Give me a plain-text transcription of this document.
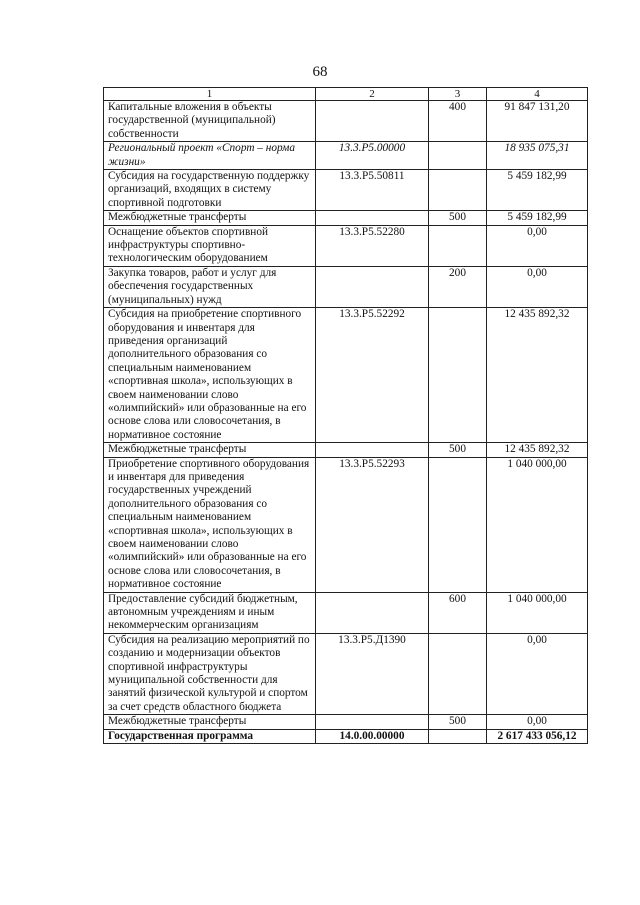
68
1	2	3	4
Капитальные вложения в объекты государственной (муниципальной) собственности		400	91 847 131,20
Региональный проект «Спорт – норма жизни»	13.3.Р5.00000		18 935 075,31
Субсидия на государственную поддержку организаций, входящих в систему спортивной подготовки	13.3.Р5.50811		5 459 182,99
Межбюджетные трансферты		500	5 459 182,99
Оснащение объектов спортивной инфраструктуры спортивно-технологическим оборудованием	13.3.Р5.52280		0,00
Закупка товаров, работ и услуг для обеспечения государственных (муниципальных) нужд		200	0,00
Субсидия на приобретение спортивного оборудования и инвентаря для приведения организаций дополнительного образования со специальным наименованием «спортивная школа», использующих в своем наименовании слово «олимпийский» или образованные на его основе слова или словосочетания, в нормативное состояние	13.3.Р5.52292		12 435 892,32
Межбюджетные трансферты		500	12 435 892,32
Приобретение спортивного оборудования и инвентаря для приведения государственных учреждений дополнительного образования со специальным наименованием «спортивная школа», использующих в своем наименовании слово «олимпийский» или образованные на его основе слова или словосочетания, в нормативное состояние	13.3.Р5.52293		1 040 000,00
Предоставление субсидий бюджетным, автономным учреждениям и иным некоммерческим организациям		600	1 040 000,00
Субсидия на реализацию мероприятий по созданию и модернизации объектов спортивной инфраструктуры муниципальной собственности для занятий физической культурой и спортом за счет средств областного бюджета	13.3.Р5.Д1390		0,00
Межбюджетные трансферты		500	0,00
Государственная программа	14.0.00.00000		2 617 433 056,12
